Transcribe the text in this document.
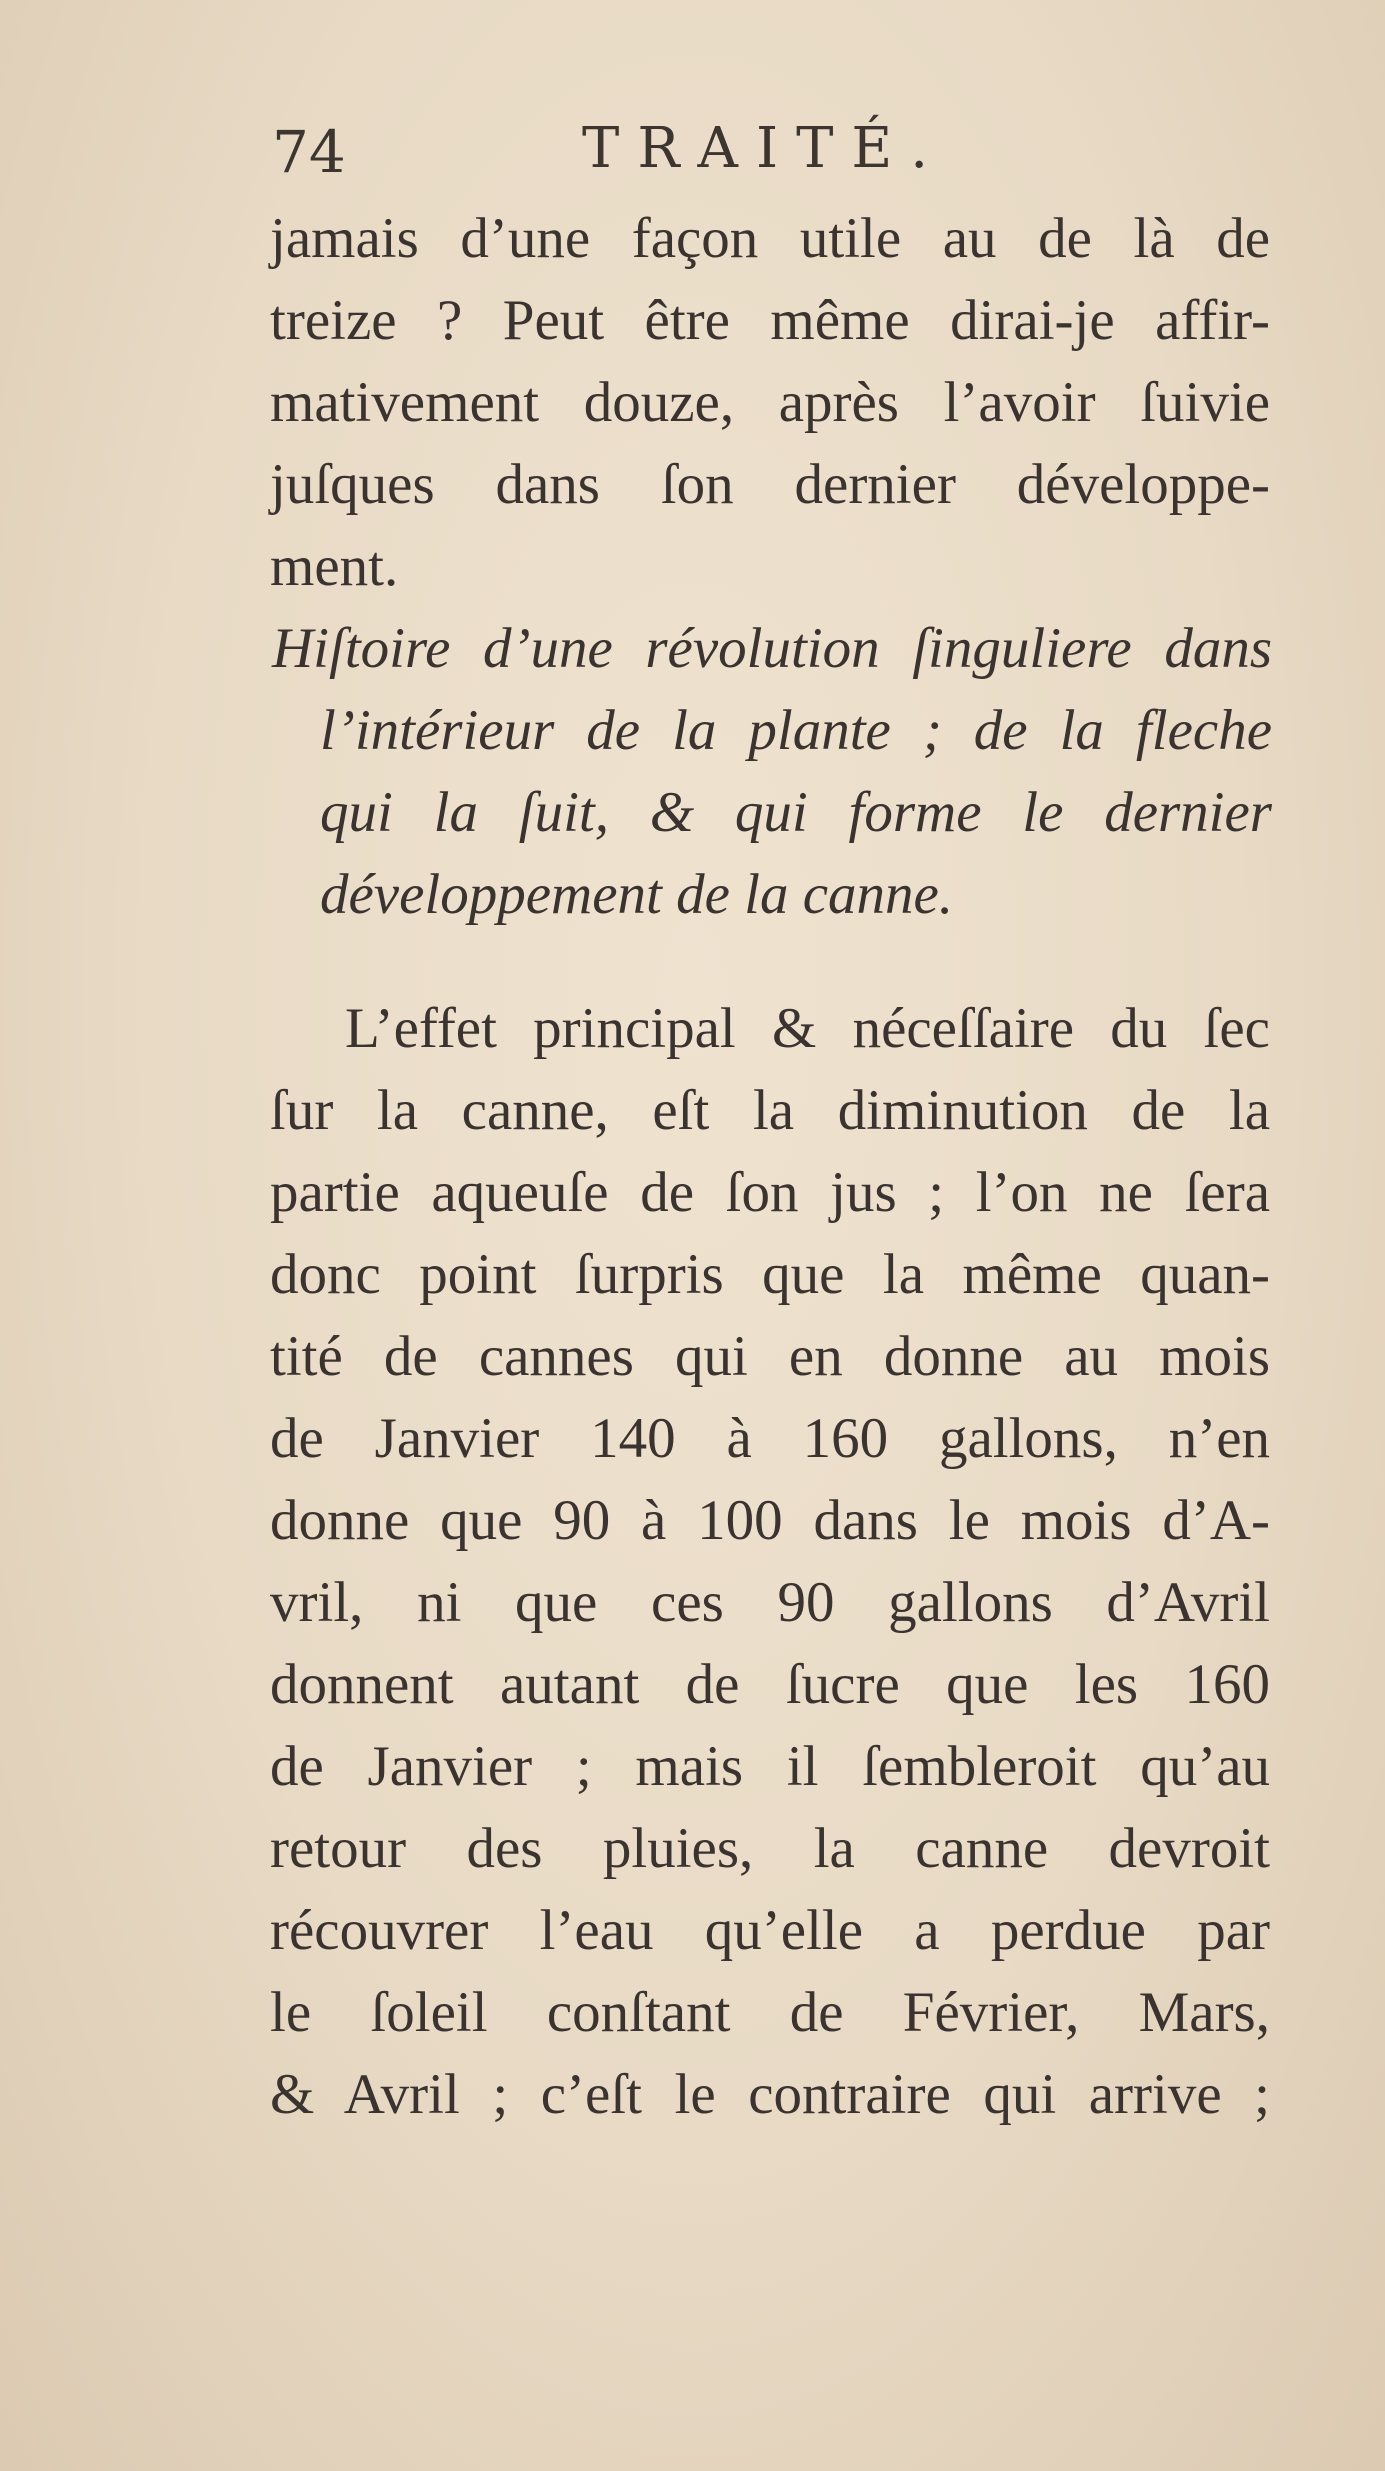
74	TRAITÉ.
jamais d’une façon utile au de là de
treize ? Peut être même dirai-je affir-
mativement douze, après l’avoir ſuivie
juſques dans ſon dernier développe-
ment.
Hiſtoire d’une révolution ſinguliere dans
l’intérieur de la plante ; de la fleche
qui la ſuit, & qui forme le dernier
développement de la canne.
L’effet principal & néceſſaire du ſec
ſur la canne, eſt la diminution de la
partie aqueuſe de ſon jus ; l’on ne ſera
donc point ſurpris que la même quan-
tité de cannes qui en donne au mois
de Janvier 140 à 160 gallons, n’en
donne que 90 à 100 dans le mois d’A-
vril, ni que ces 90 gallons d’Avril
donnent autant de ſucre que les 160
de Janvier ; mais il ſembleroit qu’au
retour des pluies, la canne devroit
récouvrer l’eau qu’elle a perdue par
le ſoleil conſtant de Février, Mars,
& Avril ; c’eſt le contraire qui arrive ;
